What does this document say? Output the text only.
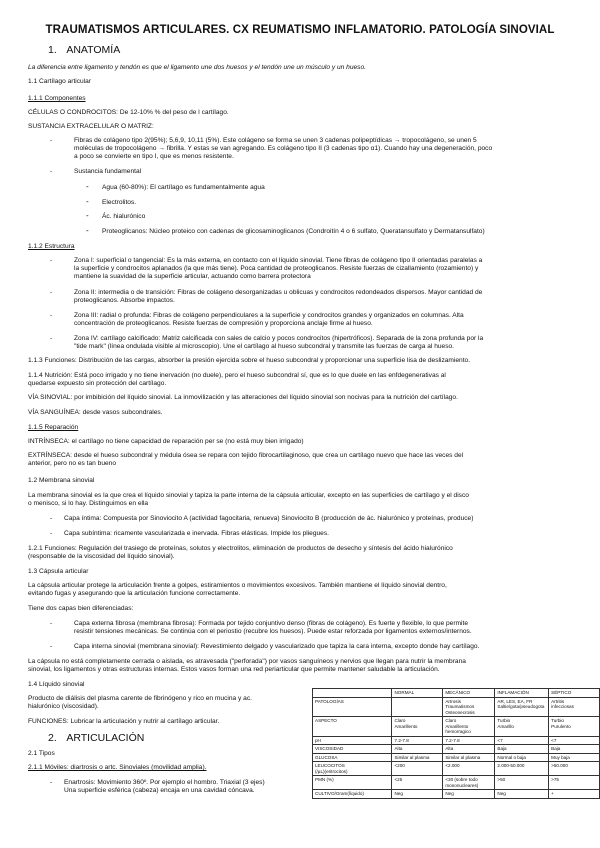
TRAUMATISMOS ARTICULARES. CX REUMATISMO INFLAMATORIO. PATOLOGÍA SINOVIAL
1. ANATOMÍA
La diferencia entre ligamento y tendón es que el ligamento une dos huesos y el tendón une un músculo y un hueso.
1.1 Cartílago articular
1.1.1 Componentes
CÉLULAS O CONDROCITOS: De 12-10% % del peso de l cartílago.
SUSTANCIA EXTRACELULAR O MATRIZ:
-	Fibras de colágeno tipo 2(95%); 5,6,9, 10,11 (5%). Este colágeno se forma se unen 3 cadenas polipeptídicas → tropocolágeno, se unen 5
moléculas de tropocolágeno → fibrilla. Y estas se van agregando. Es colágeno tipo II (3 cadenas tipo α1). Cuando hay una degeneración, poco
a poco se convierte en tipo I, que es menos resistente.
-	Sustancia fundamental
- Agua (60-80%): El cartílago es fundamentalmente agua
- Electrolitos.
- Ác. hialurónico
- Proteoglicanos: Núcleo proteico con cadenas de glicosaminoglicanos (Condroitín 4 o 6 sulfato, Queratansulfato y Dermatansulfato)
1.1.2 Estructura
-	Zona I: superficial o tangencial: Es la más externa, en contacto con el líquido sinovial. Tiene fibras de colágeno tipo II orientadas paralelas a
la superficie y condrocitos aplanados (la que más tiene). Poca cantidad de proteoglicanos. Resiste fuerzas de cizallamiento (rozamiento) y
mantiene la suavidad de la superficie articular, actuando como barrera protectora
-	Zona II: intermedia o de transición: Fibras de colágeno desorganizadas u oblicuas y condrocitos redondeados dispersos. Mayor cantidad de
proteoglicanos. Absorbe impactos.
-	Zona III: radial o profunda: Fibras de colágeno perpendiculares a la superficie y condrocitos grandes y organizados en columnas. Alta
concentración de proteoglicanos. Resiste fuerzas de compresión y proporciona anclaje firme al hueso.
-	Zona IV: cartílago calcificado: Matriz calcificada con sales de calcio y pocos condrocitos (hipertróficos). Separada de la zona profunda por la
"tide mark" (línea ondulada visible al microscopio). Une el cartílago al hueso subcondral y transmite las fuerzas de carga al hueso.
1.1.3 Funciones: Distribución de las cargas, absorber la presión ejercida sobre el hueso subcondral y proporcionar una superficie lisa de deslizamiento.
1.1.4 Nutrición: Está poco irrigado y no tiene inervación (no duele), pero el hueso subcondral sí, que es lo que duele en las enfdegenerativas al
quedarse expuesto sin protección del cartílago.
VÍA SINOVIAL: por imbibición del líquido sinovial. La inmovilización y las alteraciones del líquido sinovial son nocivas para la nutrición del cartílago.
VÍA SANGUÍNEA: desde vasos subcondrales.
1.1.5 Reparación
INTRÍNSECA: el cartílago no tiene capacidad de reparación per se (no está muy bien irrigado)
EXTRÍNSECA: desde el hueso subcondral y médula ósea se repara con tejido fibrocartilaginoso, que crea un cartílago nuevo que hace las veces del
anterior, pero no es tan bueno
1.2 Membrana sinovial
La membrana sinovial es la que crea el líquido sinovial y tapiza la parte interna de la cápsula articular, excepto en las superficies de cartílago y el disco
o menisco, si lo hay. Distinguimos en ella
- Capa íntima: Compuesta por Sinoviocito A (actividad fagocitaria, renueva) Sinoviocito B (producción de ác. hialurónico y proteínas, produce)
- Capa subíntima: ricamente vascularizada e inervada. Fibras elásticas. Impide los pliegues.
1.2.1 Funciones: Regulación del trasiego de proteínas, solutos y electrolitos, eliminación de productos de desecho y síntesis del ácido hialurónico
(responsable de la viscosidad del líquido sinovial).
1.3 Cápsula articular
La cápsula articular protege la articulación frente a golpes, estiramientos o movimientos excesivos. También mantiene el líquido sinovial dentro,
evitando fugas y asegurando que la articulación funcione correctamente.
Tiene dos capas bien diferenciadas:
-	Capa externa fibrosa (membrana fibrosa): Formada por tejido conjuntivo denso (fibras de colágeno). Es fuerte y flexible, lo que permite
resistir tensiones mecánicas. Se continúa con el periostio (recubre los huesos). Puede estar reforzada por ligamentos externos/internos.
-	Capa interna sinovial (membrana sinovial): Revestimiento delgado y vascularizado que tapiza la cara interna, excepto donde hay cartílago.
La cápsula no está completamente cerrada o aislada, es atravesada ("perforada") por vasos sanguíneos y nervios que llegan para nutrir la membrana
sinovial, los ligamentos y otras estructuras internas. Estos vasos forman una red periarticular que permite mantener saludable la articulación.
1.4 Líquido sinovial
Producto de diálisis del plasma carente de fibrinógeno y rico en mucina y ac.
hialurónico (viscosidad).
FUNCIONES: Lubricar la articulación y nutrir al cartílago articular.
2. ARTICULACIÓN
2.1 Tipos
2.1.1 Móviles: diartrosis o artc. Sinoviales (movilidad amplia).
- Enartrosis: Movimiento 360º. Por ejemplo el hombro. Triaxial (3 ejes)
Una superficie esférica (cabeza) encaja en una cavidad cóncava.
	NORMAL	MECÁNICO	INFLAMACIÓN	SÉPTICO
PATOLOGÍAS		Artrosis
Traumatismos
Osteonecrosis	AR, LES, EA, FR
Saltie/gota/pseudogota	Artritis
infecciosas
ASPECTO	Claro
Amarillento	Claro
Amarillento
hemorragico	Turbio
Amarillo	Turbio
Purulento
pH	7.2-7.8	7.2-7.8	<7	<7
VISCOSIDAD	Alta	Alta	Baja	Baja
GLUCOSA	Similar al plasma	Similar al plasma	Normal o baja	Muy baja
LEUCOCITOS
(/µL)(eritrocitos)	<200	<2.000	2.000-50.000	>50.000
PMN (%)	<25	<30 (sobre todo
mononucleares)	>50	>75
CULTIVO/Gram(líquido)	Neg	Neg	Neg	+
